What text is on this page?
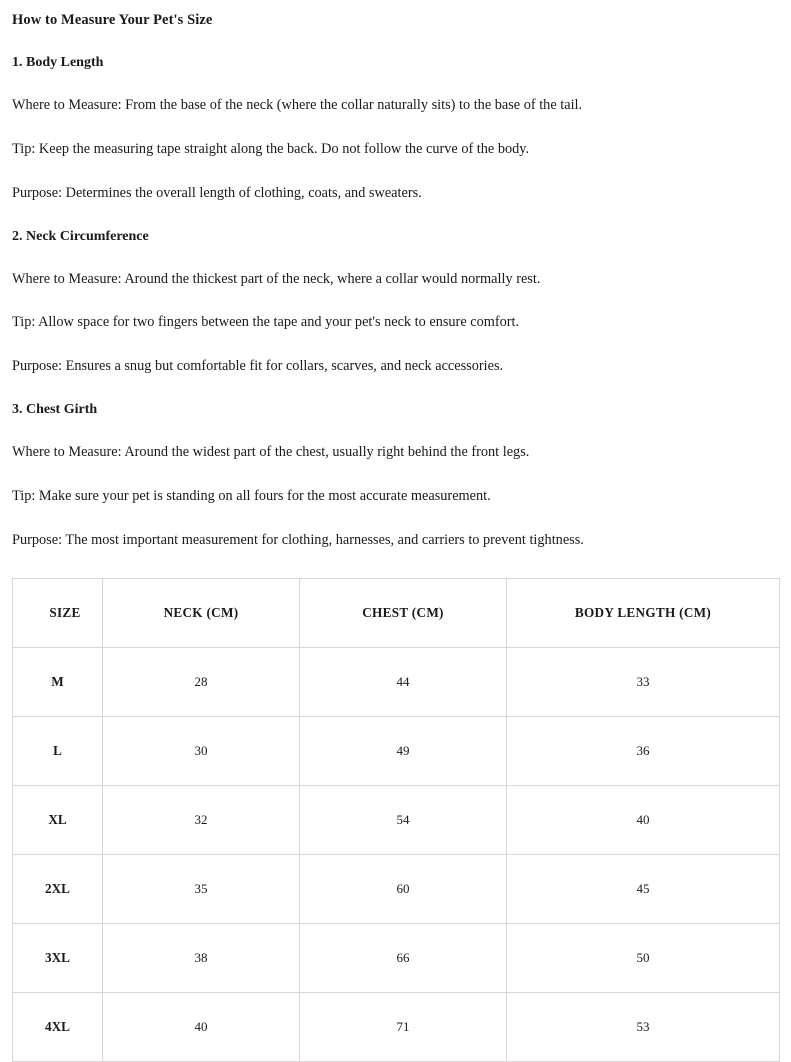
How to Measure Your Pet's Size
1. Body Length

Where to Measure: From the base of the neck (where the collar naturally sits) to the base of the tail.

Tip: Keep the measuring tape straight along the back. Do not follow the curve of the body.

Purpose: Determines the overall length of clothing, coats, and sweaters.

2. Neck Circumference

Where to Measure: Around the thickest part of the neck, where a collar would normally rest.

Tip: Allow space for two fingers between the tape and your pet's neck to ensure comfort.

Purpose: Ensures a snug but comfortable fit for collars, scarves, and neck accessories.

3. Chest Girth

Where to Measure: Around the widest part of the chest, usually right behind the front legs.

Tip: Make sure your pet is standing on all fours for the most accurate measurement.

Purpose: The most important measurement for clothing, harnesses, and carriers to prevent tightness.

SIZE	NECK (CM)	CHEST (CM)	BODY LENGTH (CM)
M	28	44	33
L	30	49	36
XL	32	54	40
2XL	35	60	45
3XL	38	66	50
4XL	40	71	53
